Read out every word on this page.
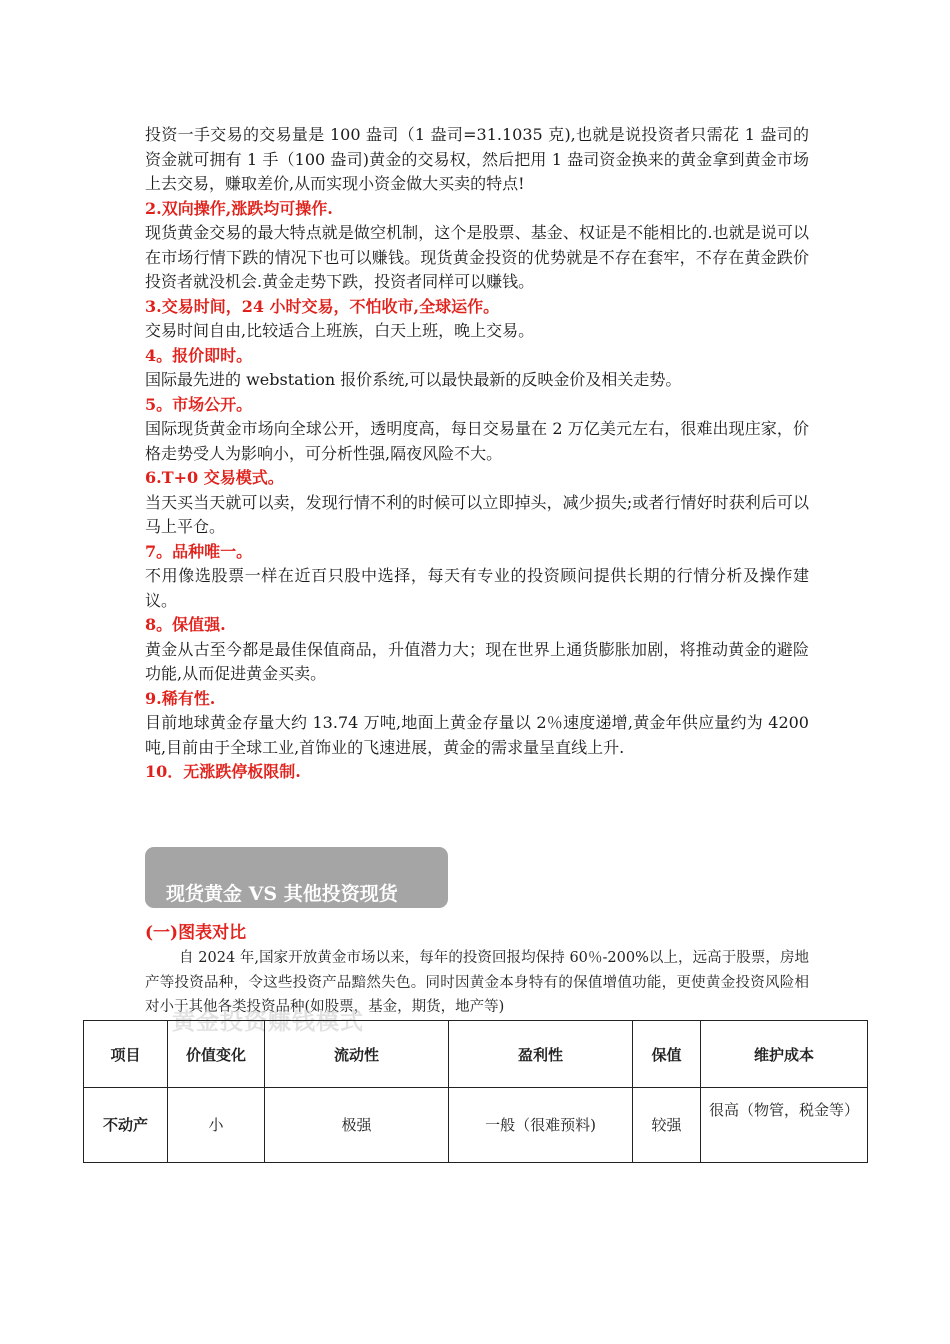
投资一手交易的交易量是 100 盎司（1 盎司=31.1035 克),也就是说投资者只需花 1 盎司的资金就可拥有 1 手（100 盎司)黄金的交易权，然后把用 1 盎司资金换来的黄金拿到黄金市场上去交易，赚取差价,从而实现小资金做大买卖的特点!

2.双向操作,涨跌均可操作.

现货黄金交易的最大特点就是做空机制，这个是股票、基金、权证是不能相比的.也就是说可以在市场行情下跌的情况下也可以赚钱。现货黄金投资的优势就是不存在套牢，不存在黄金跌价投资者就没机会.黄金走势下跌，投资者同样可以赚钱。

3.交易时间，24 小时交易，不怕收市,全球运作。

交易时间自由,比较适合上班族，白天上班，晚上交易。

4。报价即时。

国际最先进的 webstation 报价系统,可以最快最新的反映金价及相关走势。

5。市场公开。

国际现货黄金市场向全球公开，透明度高，每日交易量在 2 万亿美元左右，很难出现庄家，价格走势受人为影响小，可分析性强,隔夜风险不大。

6.T+0 交易模式。

当天买当天就可以卖，发现行情不利的时候可以立即掉头，减少损失;或者行情好时获利后可以马上平仓。

7。品种唯一。

不用像选股票一样在近百只股中选择，每天有专业的投资顾问提供长期的行情分析及操作建议。

8。保值强.

黄金从古至今都是最佳保值商品，升值潜力大；现在世界上通货膨胀加剧，将推动黄金的避险功能,从而促进黄金买卖。

9.稀有性.

目前地球黄金存量大约 13.74 万吨,地面上黄金存量以 2％速度递增,黄金年供应量约为 4200 吨,目前由于全球工业,首饰业的飞速进展，黄金的需求量呈直线上升.

10．无涨跌停板限制.

现货黄金 VS 其他投资现货
(一)图表对比
自 2024 年,国家开放黄金市场以来，每年的投资回报均保持 60％-200%以上，远高于股票，房地产等投资品种，令这些投资产品黯然失色。同时因黄金本身特有的保值增值功能，更使黄金投资风险相对小于其他各类投资品种(如股票，基金，期货，地产等)
黄金投资赚钱模式
项目	价值变化	流动性	盈利性	保值	维护成本
不动产	小	极强	一般（很难预料)	较强	很高（物管，税金等）
